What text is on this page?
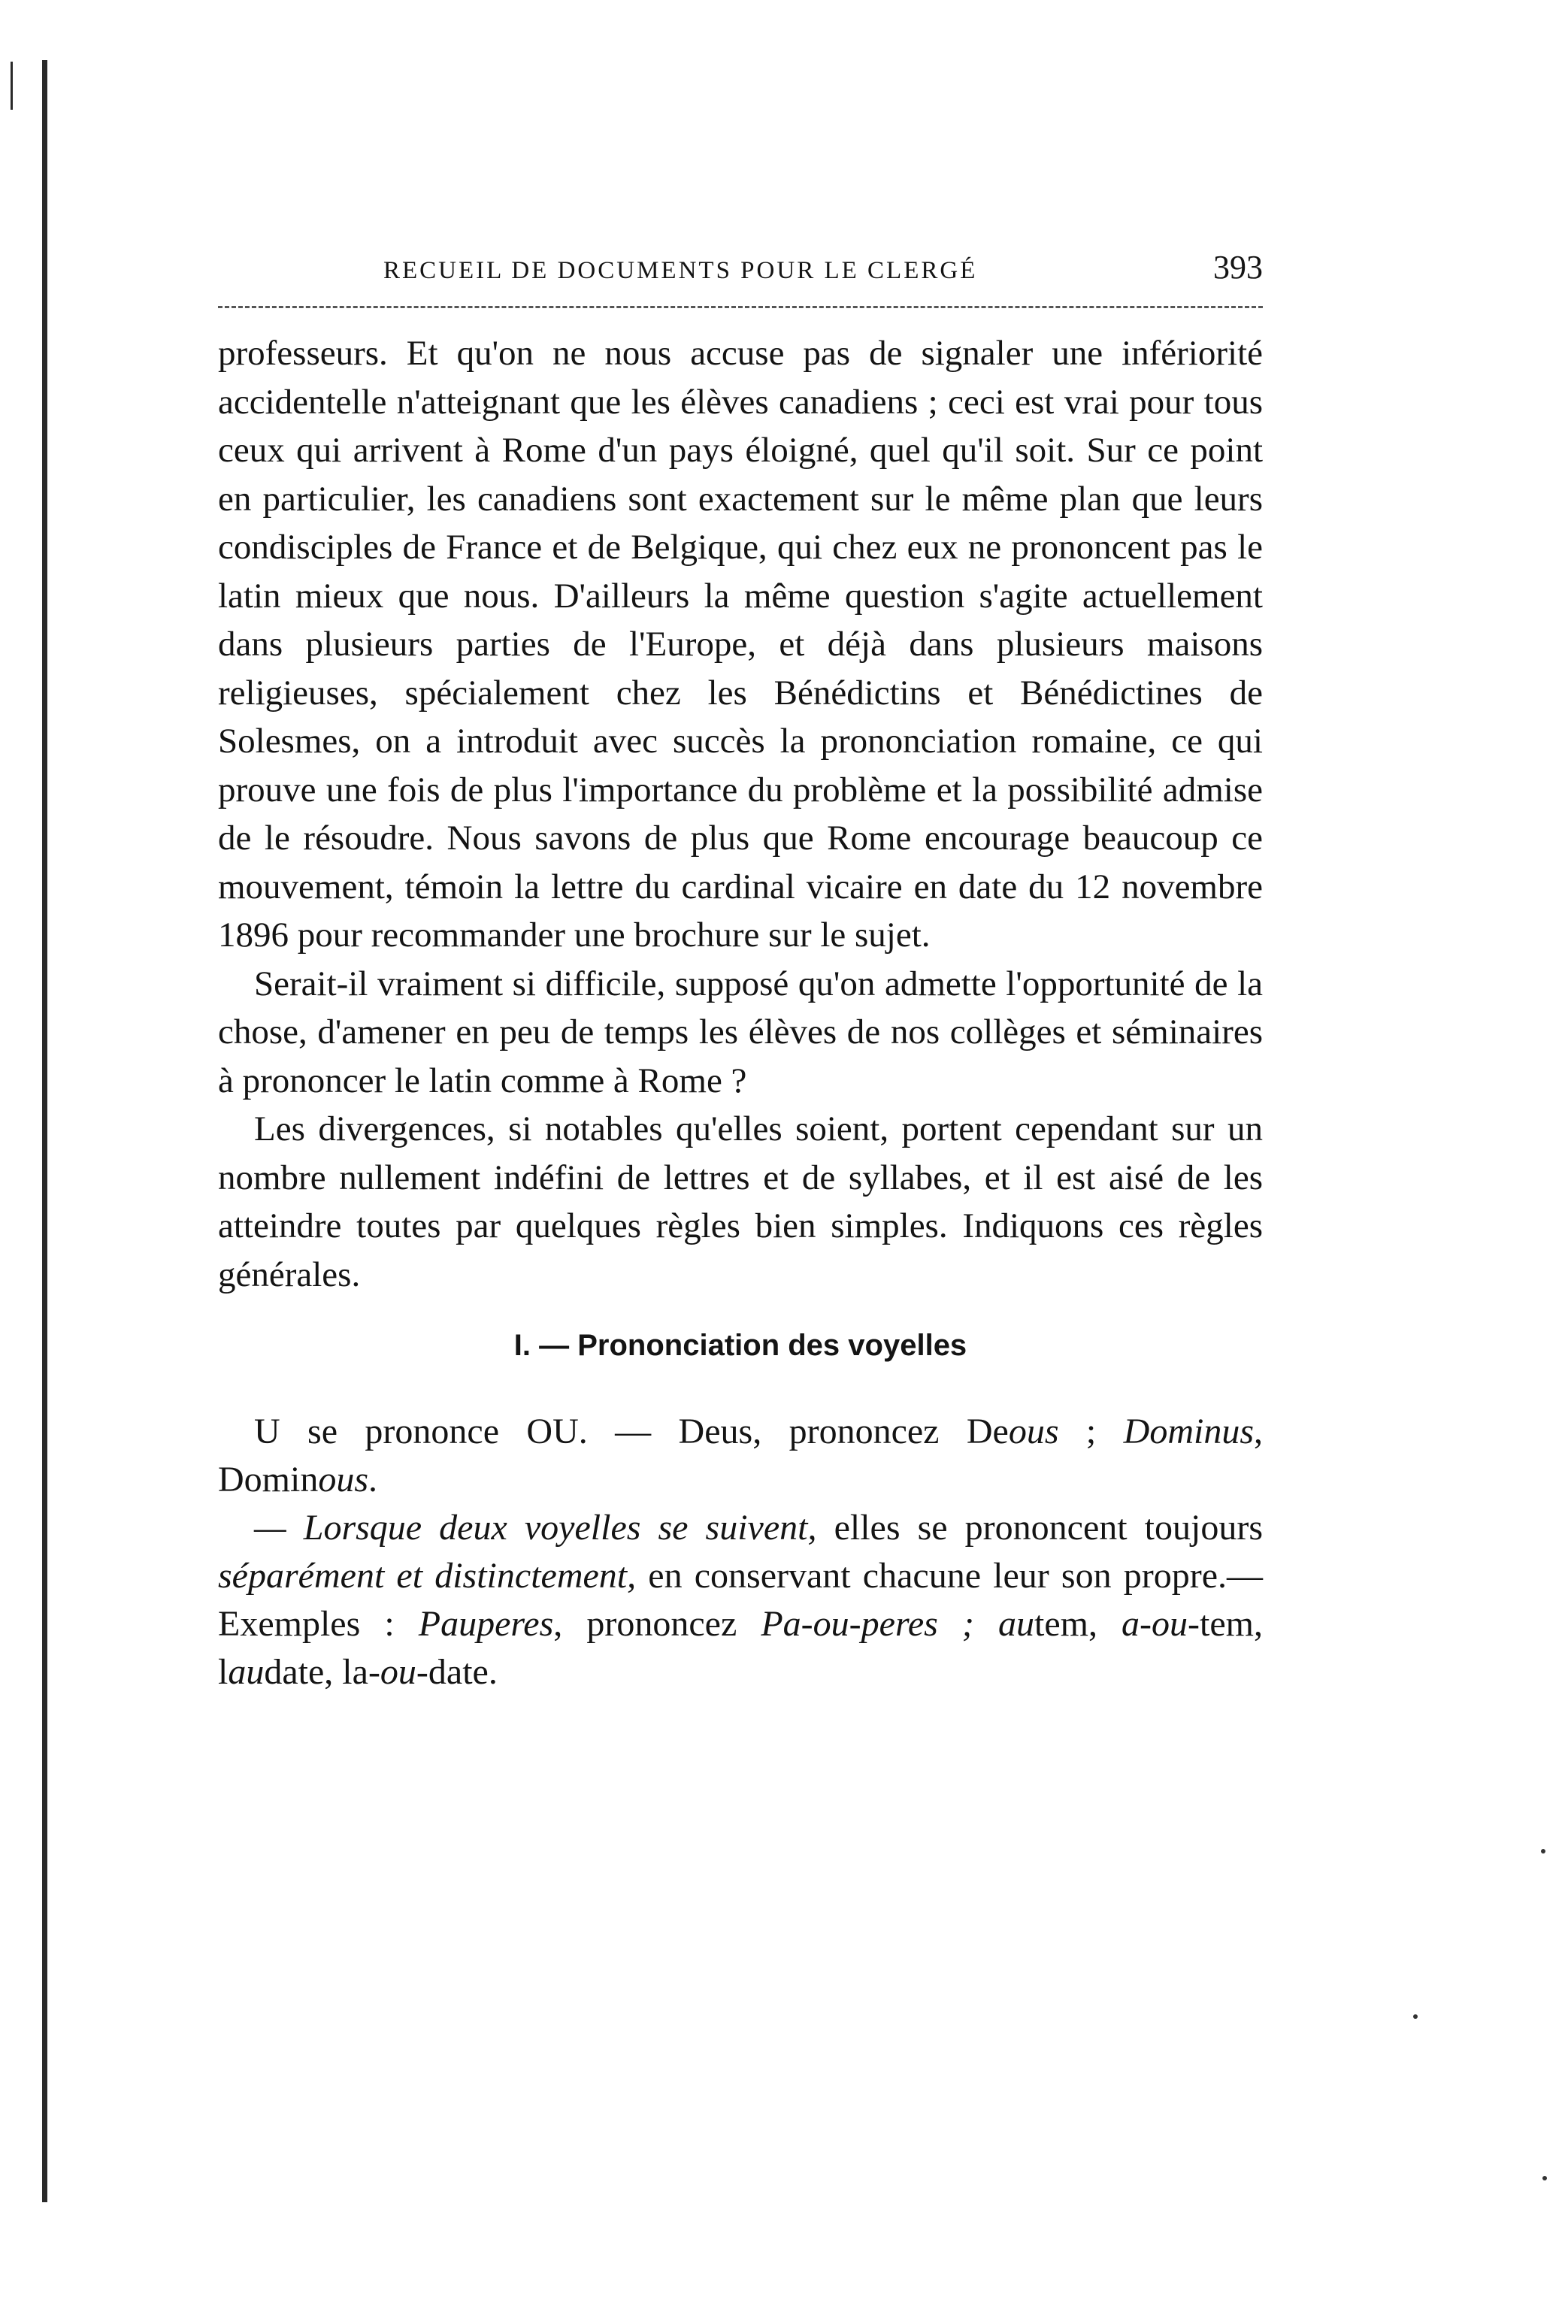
RECUEIL DE DOCUMENTS POUR LE CLERGÉ	393

professeurs. Et qu'on ne nous accuse pas de signaler une infériorité accidentelle n'atteignant que les élèves canadiens ; ceci est vrai pour tous ceux qui arrivent à Rome d'un pays éloigné, quel qu'il soit. Sur ce point en particulier, les canadiens sont exactement sur le même plan que leurs condisciples de France et de Belgique, qui chez eux ne prononcent pas le latin mieux que nous. D'ailleurs la même question s'agite actuellement dans plusieurs parties de l'Europe, et déjà dans plusieurs maisons religieuses, spécialement chez les Bénédictins et Bénédictines de Solesmes, on a introduit avec succès la prononciation romaine, ce qui prouve une fois de plus l'importance du problème et la possibilité admise de le résoudre. Nous savons de plus que Rome encourage beaucoup ce mouvement, témoin la lettre du cardinal vicaire en date du 12 novembre 1896 pour recommander une brochure sur le sujet.

Serait-il vraiment si difficile, supposé qu'on admette l'opportunité de la chose, d'amener en peu de temps les élèves de nos collèges et séminaires à prononcer le latin comme à Rome ?

Les divergences, si notables qu'elles soient, portent cependant sur un nombre nullement indéfini de lettres et de syllabes, et il est aisé de les atteindre toutes par quelques règles bien simples. Indiquons ces règles générales.

I. — Prononciation des voyelles

U se prononce OU. — Deus, prononcez Deous ; Dominus, Dominous.

— Lorsque deux voyelles se suivent, elles se prononcent toujours séparément et distinctement, en conservant chacune leur son propre.— Exemples : Pauperes, prononcez Pa-ou-peres ; autem, a-ou-tem, laudate, la-ou-date.
